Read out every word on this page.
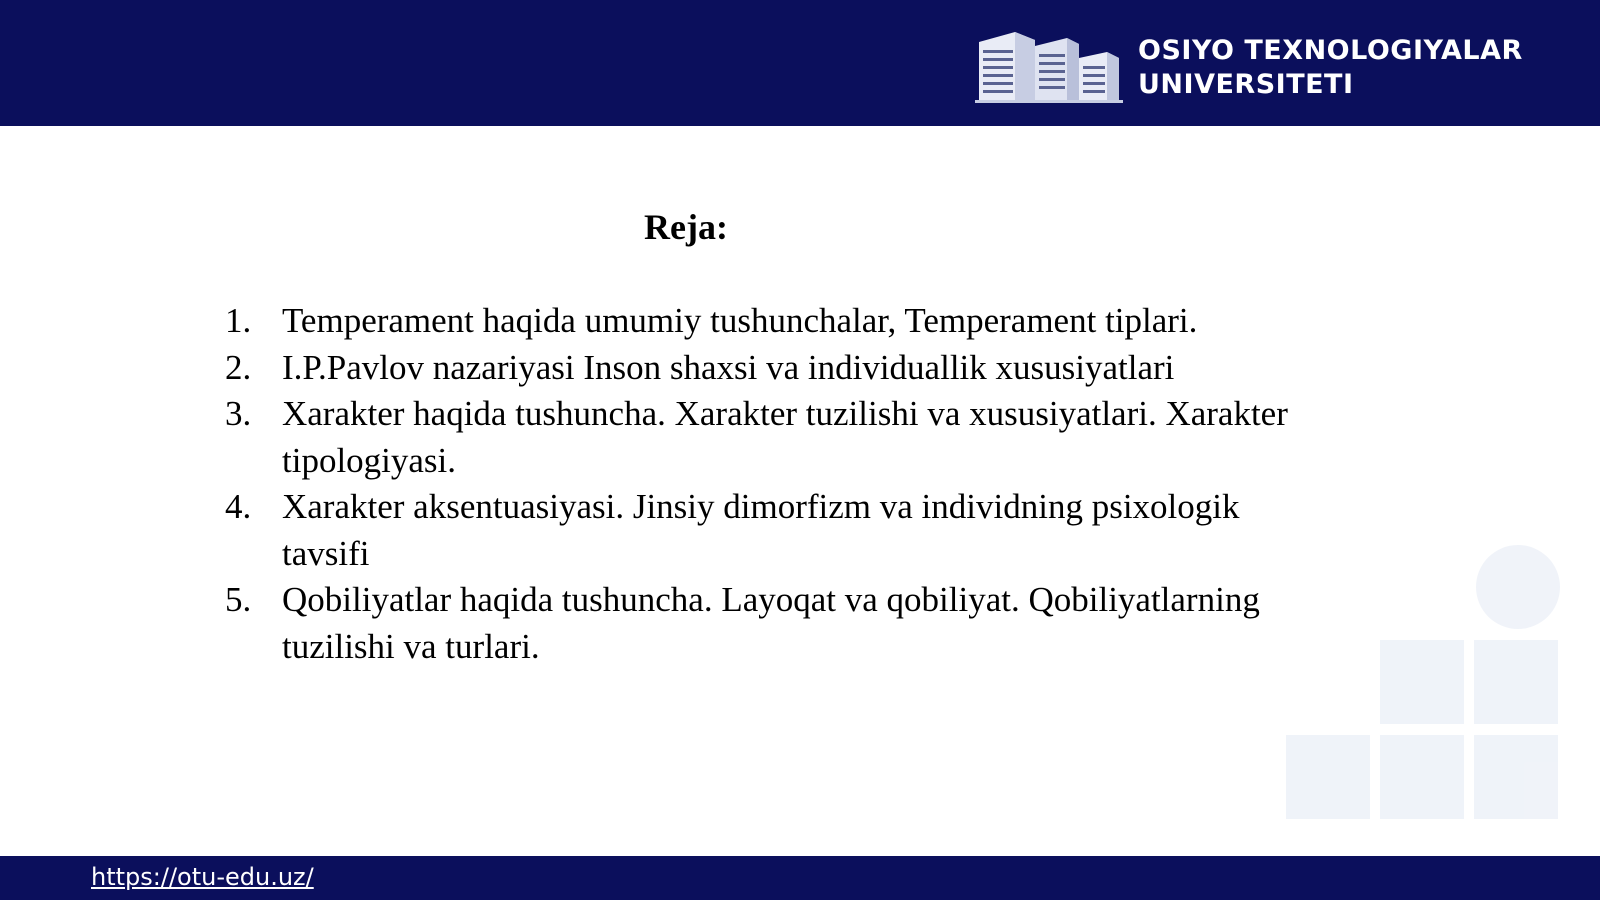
OSIYO TEXNOLOGIYALAR
UNIVERSITETI
Reja:
1. Temperament haqida umumiy tushunchalar, Temperament tiplari.
2. I.P.Pavlov nazariyasi Inson shaxsi va individuallik xususiyatlari
3. Xarakter haqida tushuncha. Xarakter tuzilishi va xususiyatlari. Xarakter tipologiyasi.
4. Xarakter aksentuasiyasi. Jinsiy dimorfizm va individning psixologik tavsifi
5. Qobiliyatlar haqida tushuncha. Layoqat va qobiliyat. Qobiliyatlarning tuzilishi va turlari.
https://otu-edu.uz/
